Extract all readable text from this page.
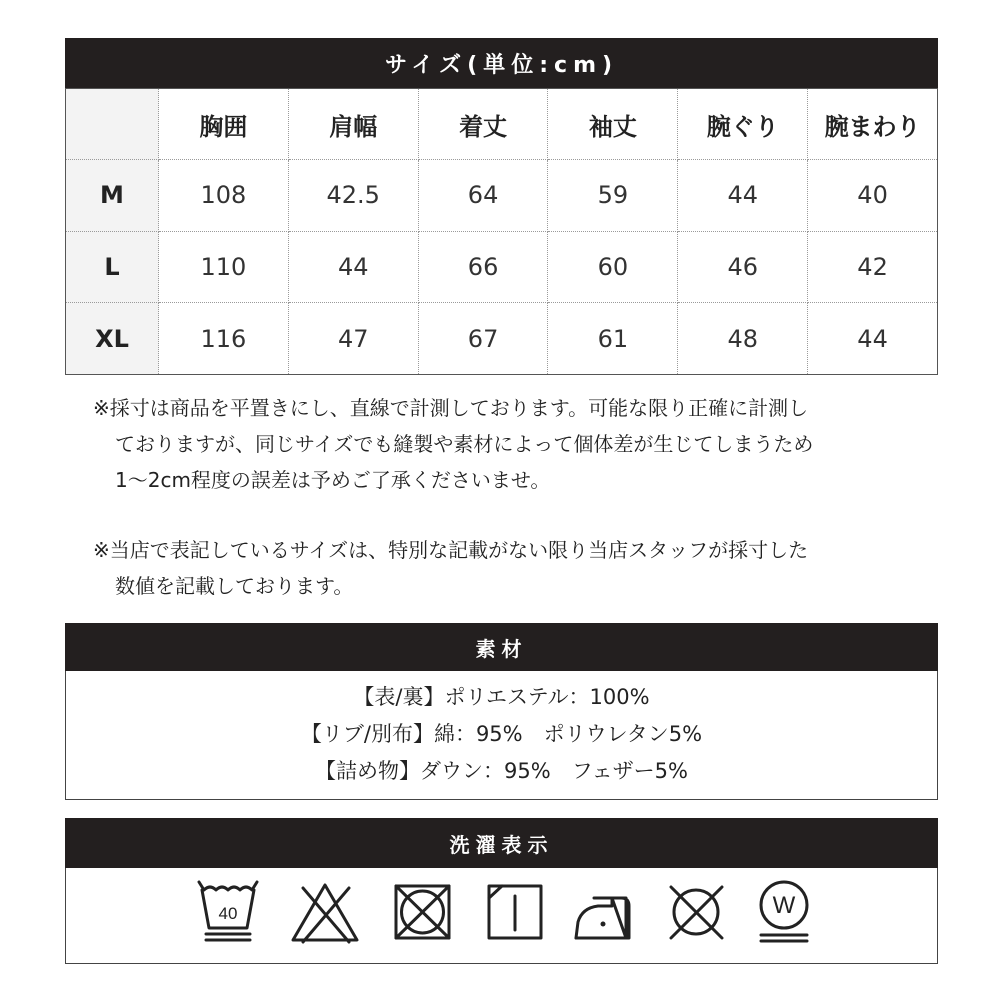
サイズ(単位:cm)
	胸囲	肩幅	着丈	袖丈	腕ぐり	腕まわり
M	108	42.5	64	59	44	40
L	110	44	66	60	46	42
XL	116	47	67	61	48	44

※採寸は商品を平置きにし、直線で計測しております。可能な限り正確に計測し

ておりますが、同じサイズでも縫製や素材によって個体差が生じてしまうため

1～2cm程度の誤差は予めご了承くださいませ。

※当店で表記しているサイズは、特別な記載がない限り当店スタッフが採寸した

数値を記載しております。

素材

【表/裏】ポリエステル：100%

【リブ/別布】綿：95%　ポリウレタン5%

【詰め物】ダウン：95%　フェザー5%

洗濯表示
40	W
